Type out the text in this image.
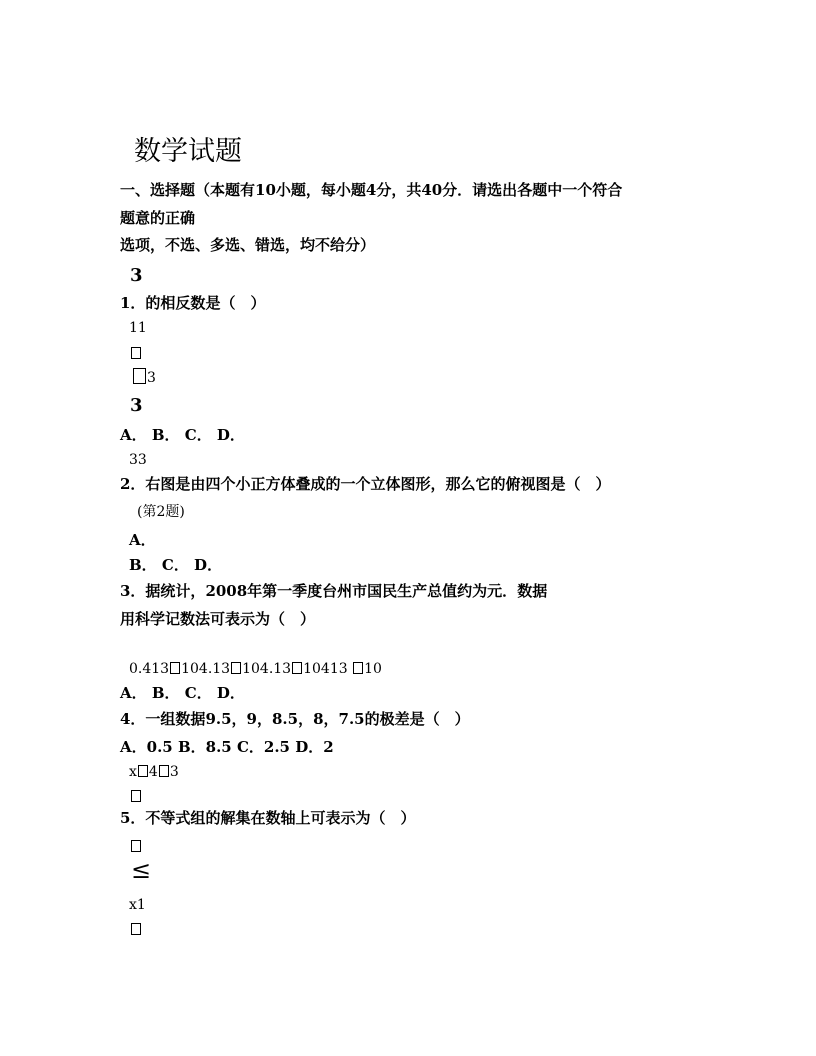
数学试题
一、选择题（本题有10小题，每小题4分，共40分．请选出各题中一个符合
题意的正确
选项，不选、多选、错选，均不给分）
3
1．的相反数是（　）
11
3
3
A． B． C． D．
33
2．右图是由四个小正方体叠成的一个立体图形，那么它的俯视图是（　）
(第2题)
A．
B． C． D．
3．据统计，2008年第一季度台州市国民生产总值约为元．数据
用科学记数法可表示为（　）
0.413 104.13 104.13 10413 10
A． B． C． D．
4．一组数据9.5，9，8.5，8，7.5的极差是（　）
A．0.5 B．8.5 C．2.5 D．2
x 4 3
5．不等式组的解集在数轴上可表示为（　）
≤
x1
